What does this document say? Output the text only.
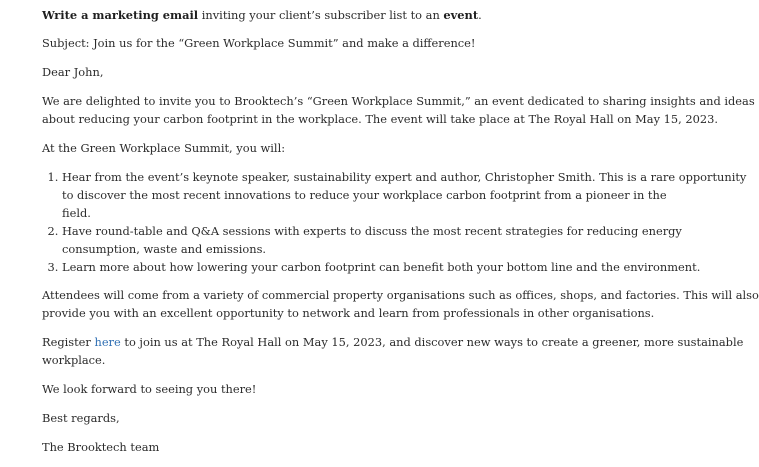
Write a marketing email inviting your client’s subscriber list to an event.
Subject: Join us for the “Green Workplace Summit” and make a difference!
Dear John,
We are delighted to invite you to Brooktech’s “Green Workplace Summit,” an event dedicated to sharing insights and ideas
about reducing your carbon footprint in the workplace. The event will take place at The Royal Hall on May 15, 2023.
At the Green Workplace Summit, you will:
1. Hear from the event’s keynote speaker, sustainability expert and author, Christopher Smith. This is a rare opportunity
to discover the most recent innovations to reduce your workplace carbon footprint from a pioneer in the
field.
2. Have round-table and Q&A sessions with experts to discuss the most recent strategies for reducing energy
consumption, waste and emissions.
3. Learn more about how lowering your carbon footprint can benefit both your bottom line and the environment.
Attendees will come from a variety of commercial property organisations such as offices, shops, and factories. This will also
provide you with an excellent opportunity to network and learn from professionals in other organisations.
Register here to join us at The Royal Hall on May 15, 2023, and discover new ways to create a greener, more sustainable
workplace.
We look forward to seeing you there!
Best regards,
The Brooktech team
